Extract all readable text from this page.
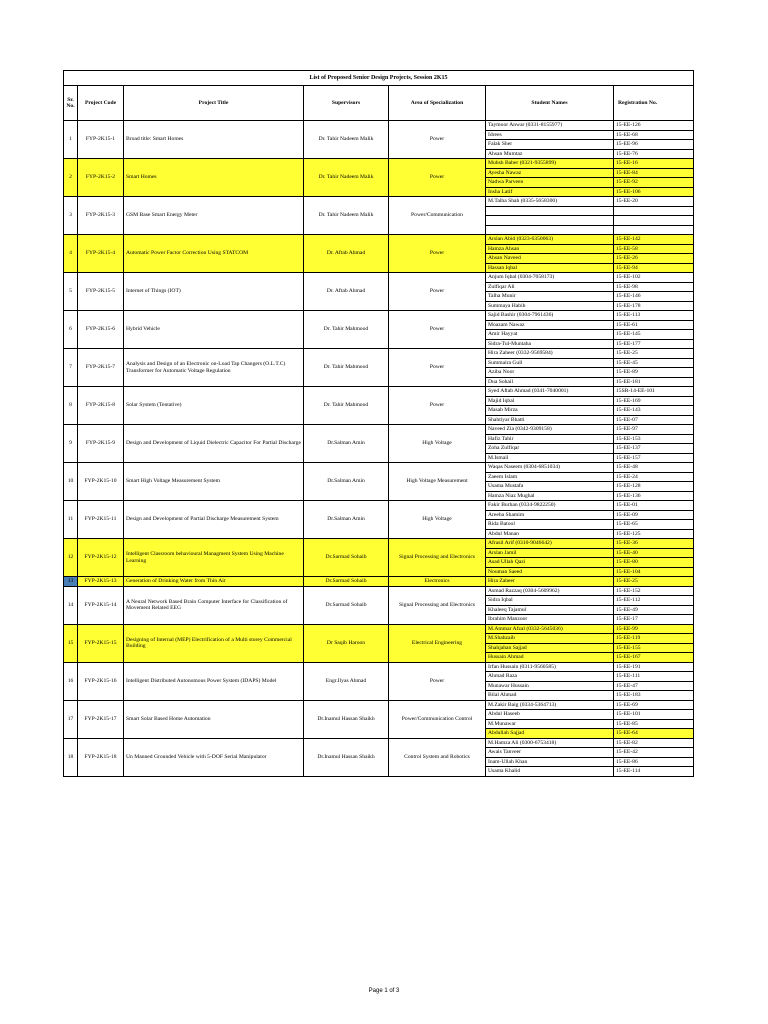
List of Proposed Senior Design Projects, Session 2K15						
Sr. No.	Project Code	Project Title	Supervisors	Area of Specialization	Student Names	Registration No.
1	FYP-2K15-1	Broad title: Smart Homes	Dr. Tahir Nadeem Malik	Power	Taymoor Anwar (0331-8155977)	15-EE-126
					Idrees	15-EE-68
					Falak Sher	15-EE-96
					Ahsan Mumtaz	15-EE-76
2	FYP-2K15-2	Smart Homes	Dr. Tahir Nadeem Malik	Power	Mubsh Baber (0321-9355899)	15-EE-16
					Ayesha Nawaz	15-EE-84
					Nadwa Parveen	15-EE-92
					Insha Latif	15-EE-106
3	FYP-2K15-3	GSM Base Smart Energy Meter	Dr. Tahir Nadeem Malik	Power/Communication	M.Talha Shah (0335-5658300)	15-EE-20

4	FYP-2K15-4	Automatic Power Factor Correction Using STATCOM	Dr. Aftab Ahmad	Power	Arslan Abid (0323-6350063)	15-EE-142
					Hamza Ahsan	15-EE-58
					Ahsan Naveed	15-EE-26
					Hassan Iqbal	15-EE-94
5	FYP-2K15-5	Internet of Things (IOT)	Dr. Aftab Ahmad	Power	Anjum Iqbal (0304-7058173)	15-EE-102
					Zulfiqar Ali	15-EE-98
					Talha Munir	15-EE-146
					Summaya Habib	15-EE-178
6	FYP-2K15-6	Hybrid Vehicle	Dr. Tahir Mahmood	Power	Sajid Bashir (0304-7961436)	15-EE-113
					Moazam Nawaz	15-EE-61
					Amir Hayyat	15-EE-145
					Sidra-Tul-Muntaha	15-EE-177
7	FYP-2K15-7	Analysis and Design of an Electronic on-Load Tap Changers (O.L.T.C) Transformer for Automatic Voltage Regulation	Dr. Tahir Mahmood	Power	Hira Zaheer (0332-9569584)	15-EE-25
					Summaira Gull	15-EE-45
					Aziba Noor	15-EE-89
					Dua Sohail	15-EE-181
8	FYP-2K15-8	Solar System (Tentative)	Dr. Tahir Mahmood	Power	Syed Aftab Ahmad (0341-7040001)	15SR-14-EE-101
					Majid Iqbal	15-EE-169
					Masab Mirza	15-EE-143
					Shahtiyar Bhatti	15-EE-07
9	FYP-2K15-9	Design and Development of Liquid Dielectric Capacitor For Partial Discharge	Dr.Salman Amin	High Voltage	Naveed Zia (0342-9309158)	15-EE-97
					Hafiz Tahir	15-EE-153
					Zoha Zulfiqar	15-EE-137
					M.Ismail	15-EE-157
10	FYP-2K15-10	Smart High Voltage Measurement System	Dr.Salman Amin	High Voltage Measurement	Waqas Naseem (0304-6851034)	15-EE-48
					Zaeem Islam	15-EE-24
					Usama Mustafa	15-EE-128
					Hamza Niaz Mughal	15-EE-136
11	FYP-2K15-11	Design and Development of Partial Discharge Measurement System	Dr.Salman Amin	High Voltage	Fakir Burhan (0334-9822250)	15-EE-01
					Areeba Shamim	15-EE-09
					Rida Batool	15-EE-65
					Abdul Manan	15-EE-125
12	FYP-2K15-12	Intelligent Classroom behavioural Managment System Using Machine Learning	Dr.Sarmad Sohaib	Signal Processing and Electronics	Afrasil Arif (0310-9046642)	15-EE-36
					Arslan Jamil	15-EE-40
					Asad Ullah Qazi	15-EE-80
					Nouman Saeed	15-EE-104
13	FYP-2K15-13	Generation of Drinking Water from Thin Air	Dr.Sarmad Sohaib	Electronics	Hira Zaheer	15-EE-25
14	FYP-2K15-14	A Neural Network Based Brain Computer Interface for Classification of Movement Related EEG	Dr.Sarmad Sohaib	Signal Processing and Electronics	Asmad Razzaq (0304-5609962)	15-EE-152
					Sidra Iqbal	15-EE-112
					Khaleeq Tajamul	15-EE-49
					Ibrahim Manzoor	15-EE-17
15	FYP-2K15-15	Designing of Internal (MEP) Electrification of a Multi storey Commercial Building	Dr Saqib Haroon	Electrical Engineering	M.Ammar Afzal (0332-5645036)	15-EE-99
					M.Shahzaib	15-EE-119
					Shahjahan Sajjad	15-EE-155
					Hussain Ahmad	15-EE-167
16	FYP-2K15-16	Intelligent Distributed Autonomous Power System (IDAPS) Model	Engr.Ilyas Ahmad	Power	Irfan Hussain (0311-9560585)	15-EE-191
					Ahmad Raza	15-EE-111
					Munawar Hussain	15-EE-47
					Bilal Ahmad	15-EE-183
17	FYP-2K15-17	Smart Solar Based Home Automation	Dr.Inamul Hassan Shaikh	Power/Communication Control	M.Zakir Baig (0334-5364713)	15-EE-69
					Abdul Haseeb	15-EE-101
					M.Munawar	15-EE-85
					Abdullah Sajjad	15-EE-64
18	FYP-2K15-18	Un Manned Grounded Vehicle with 5-DOF Serial Manipulator	Dr.Inamul Hassan Shaikh	Control System and Robotics	M.Hamza Ali (0300-6753418)	15-EE-82
					Awais Tanveer	15-EE-42
					Inam-Ullah Khan	15-EE-86
					Usama Khalid	15-EE-114
Page 1 of 3
